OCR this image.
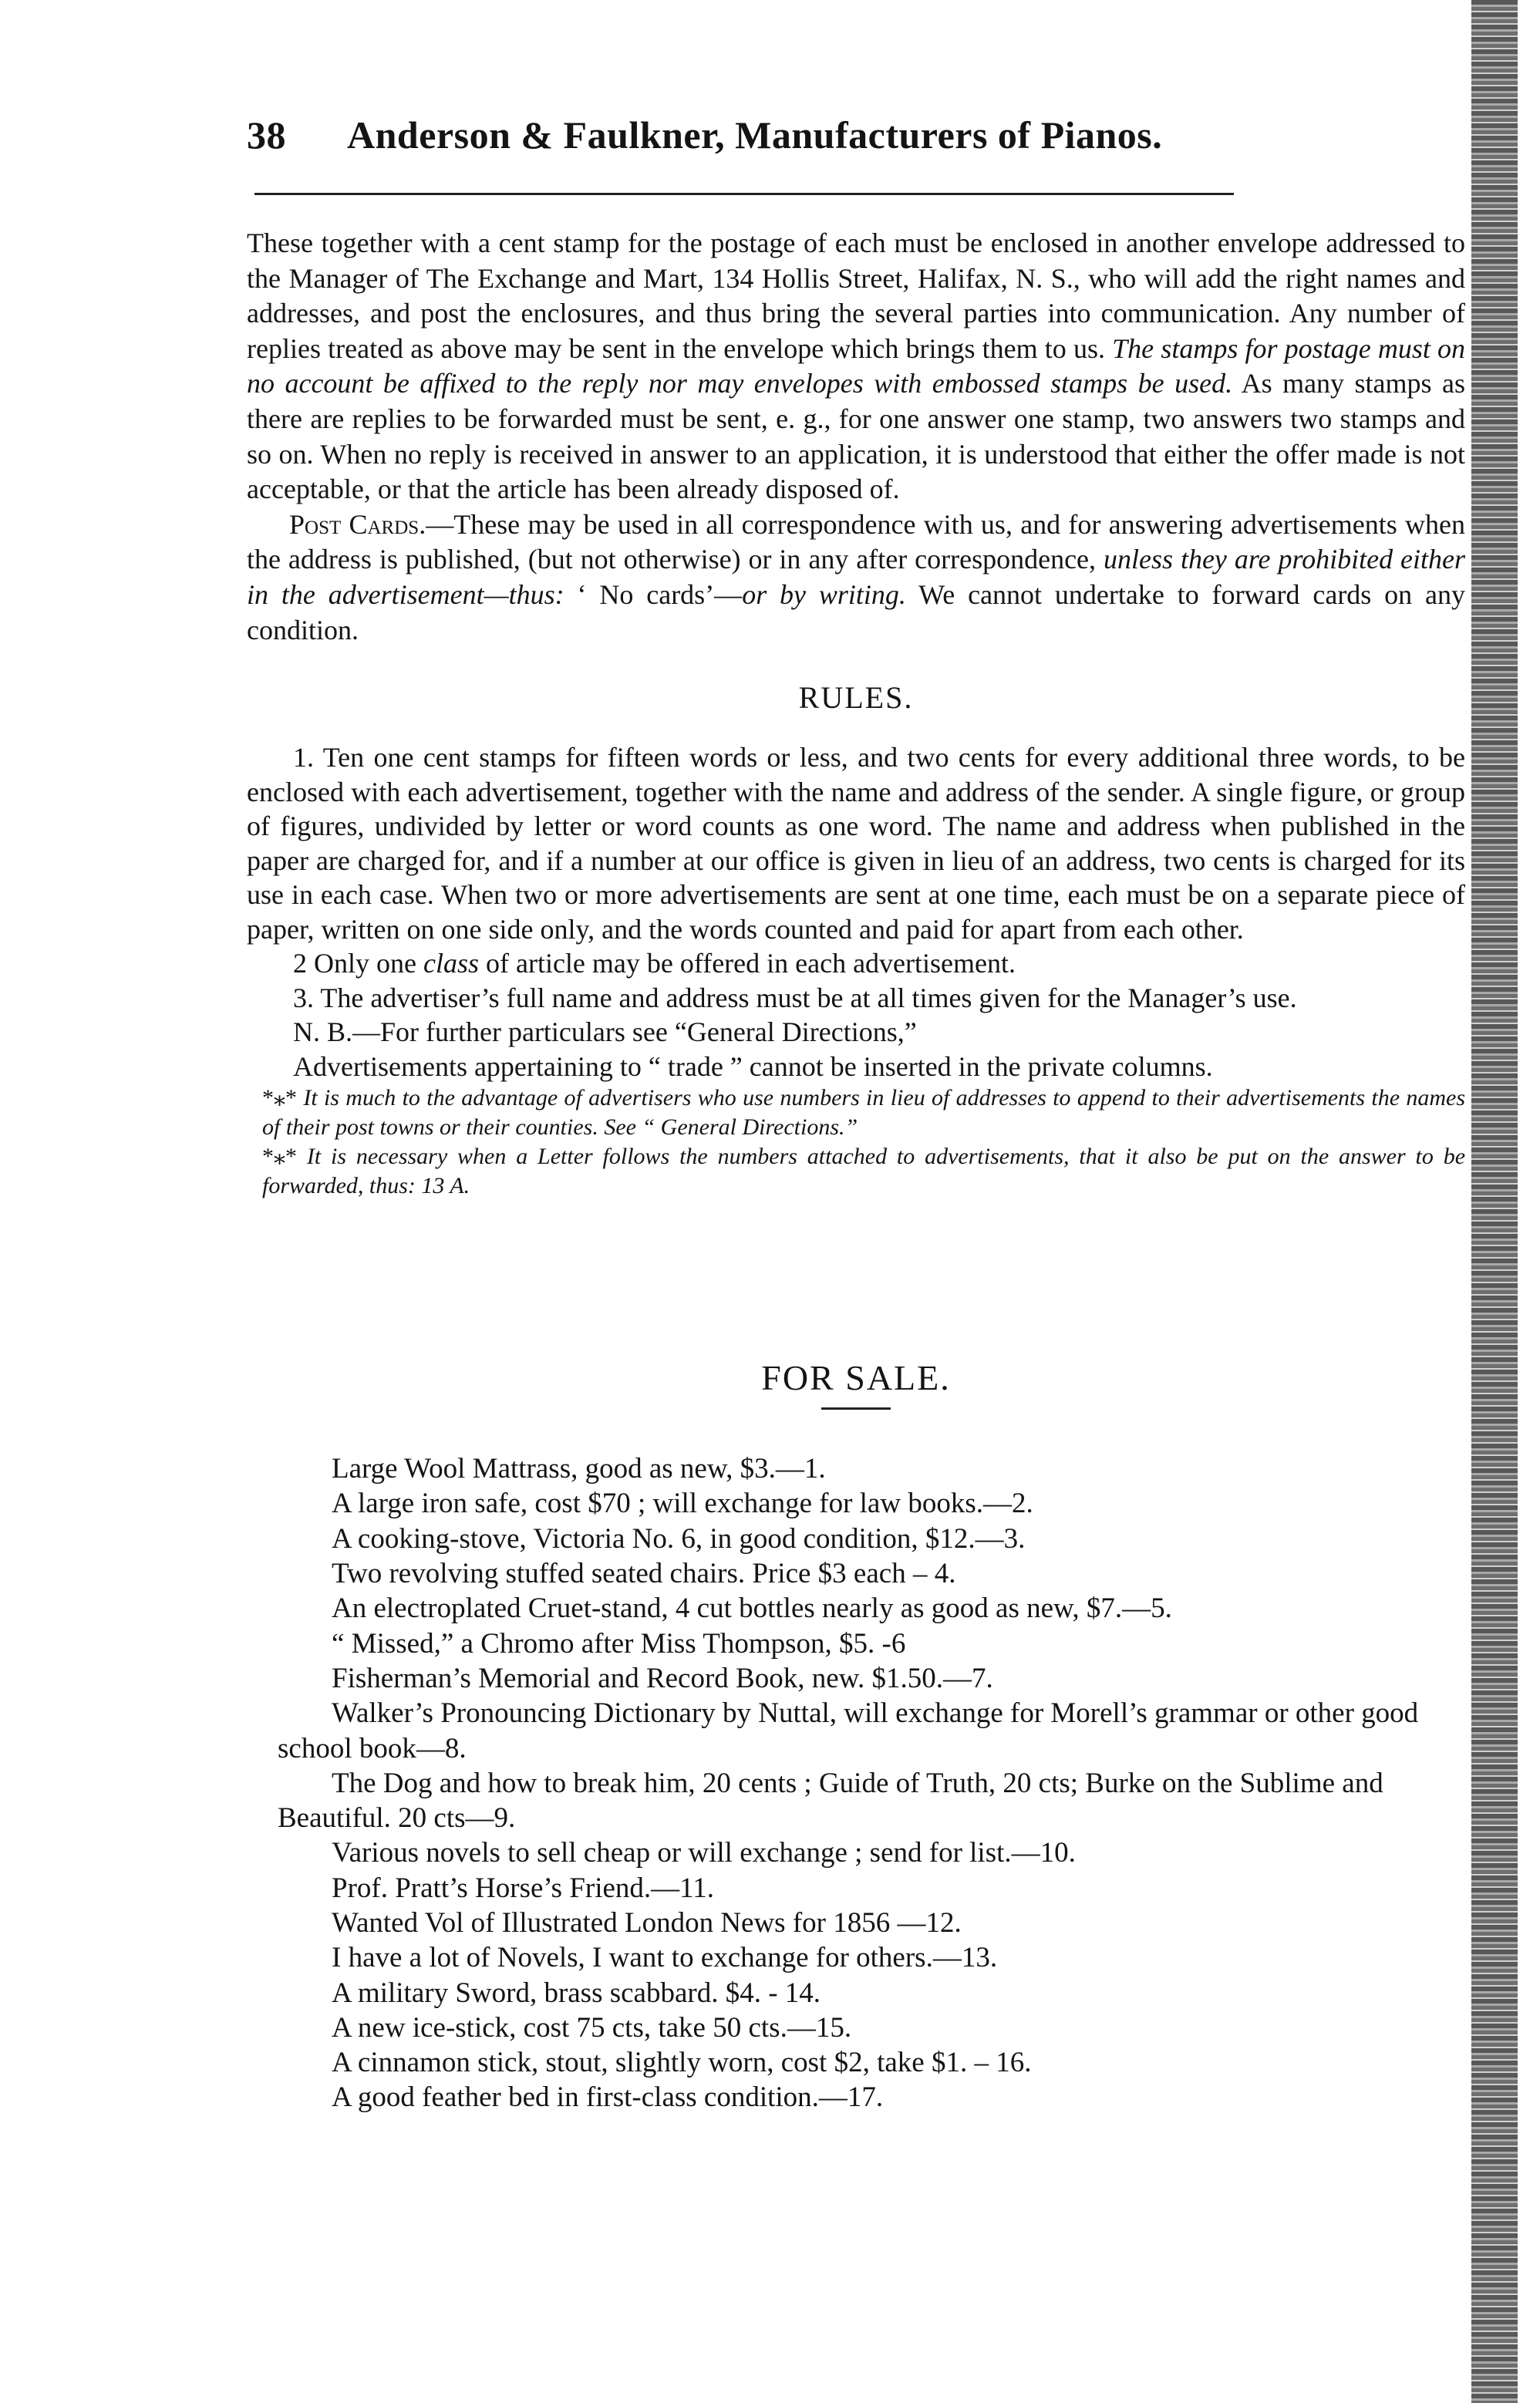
38 Anderson & Faulkner, Manufacturers of Pianos.

These together with a cent stamp for the postage of each must be enclosed in another envelope addressed to the Manager of The Exchange and Mart, 134 Hollis Street, Halifax, N. S., who will add the right names and addresses, and post the enclosures, and thus bring the several parties into communication. Any number of replies treated as above may be sent in the envelope which brings them to us. The stamps for postage must on no account be affixed to the reply nor may envelopes with embossed stamps be used. As many stamps as there are replies to be forwarded must be sent, e. g., for one answer one stamp, two answers two stamps and so on. When no reply is received in answer to an application, it is understood that either the offer made is not acceptable, or that the article has been already disposed of.

Post Cards.—These may be used in all correspondence with us, and for answering advertisements when the address is published, (but not otherwise) or in any after correspondence, unless they are prohibited either in the advertisement—thus: ‘ No cards’—or by writing. We cannot undertake to forward cards on any condition.

RULES.

1. Ten one cent stamps for fifteen words or less, and two cents for every additional three words, to be enclosed with each advertisement, together with the name and address of the sender. A single figure, or group of figures, undivided by letter or word counts as one word. The name and address when published in the paper are charged for, and if a number at our office is given in lieu of an address, two cents is charged for its use in each case. When two or more advertisements are sent at one time, each must be on a separate piece of paper, written on one side only, and the words counted and paid for apart from each other.

2 Only one class of article may be offered in each advertisement.

3. The advertiser’s full name and address must be at all times given for the Manager’s use.

N. B.—For further particulars see “General Directions,”

Advertisements appertaining to “ trade ” cannot be inserted in the private columns.

*⁎* It is much to the advantage of advertisers who use numbers in lieu of addresses to append to their advertisements the names of their post towns or their counties. See “ General Directions.”

*⁎* It is necessary when a Letter follows the numbers attached to advertisements, that it also be put on the answer to be forwarded, thus: 13 A.

FOR SALE.
Large Wool Mattrass, good as new, $3.—1.
A large iron safe, cost $70 ; will exchange for law books.—2.
A cooking-stove, Victoria No. 6, in good condition, $12.—3.
Two revolving stuffed seated chairs. Price $3 each – 4.
An electroplated Cruet-stand, 4 cut bottles nearly as good as new, $7.—5.
“ Missed,” a Chromo after Miss Thompson, $5. -6
Fisherman’s Memorial and Record Book, new. $1.50.—7.
Walker’s Pronouncing Dictionary by Nuttal, will exchange for Morell’s grammar or other good school book—8.
The Dog and how to break him, 20 cents ; Guide of Truth, 20 cts; Burke on the Sublime and Beautiful. 20 cts—9.
Various novels to sell cheap or will exchange ; send for list.—10.
Prof. Pratt’s Horse’s Friend.—11.
Wanted Vol of Illustrated London News for 1856 —12.
I have a lot of Novels, I want to exchange for others.—13.
A military Sword, brass scabbard. $4. - 14.
A new ice-stick, cost 75 cts, take 50 cts.—15.
A cinnamon stick, stout, slightly worn, cost $2, take $1. – 16.
A good feather bed in first-class condition.—17.
